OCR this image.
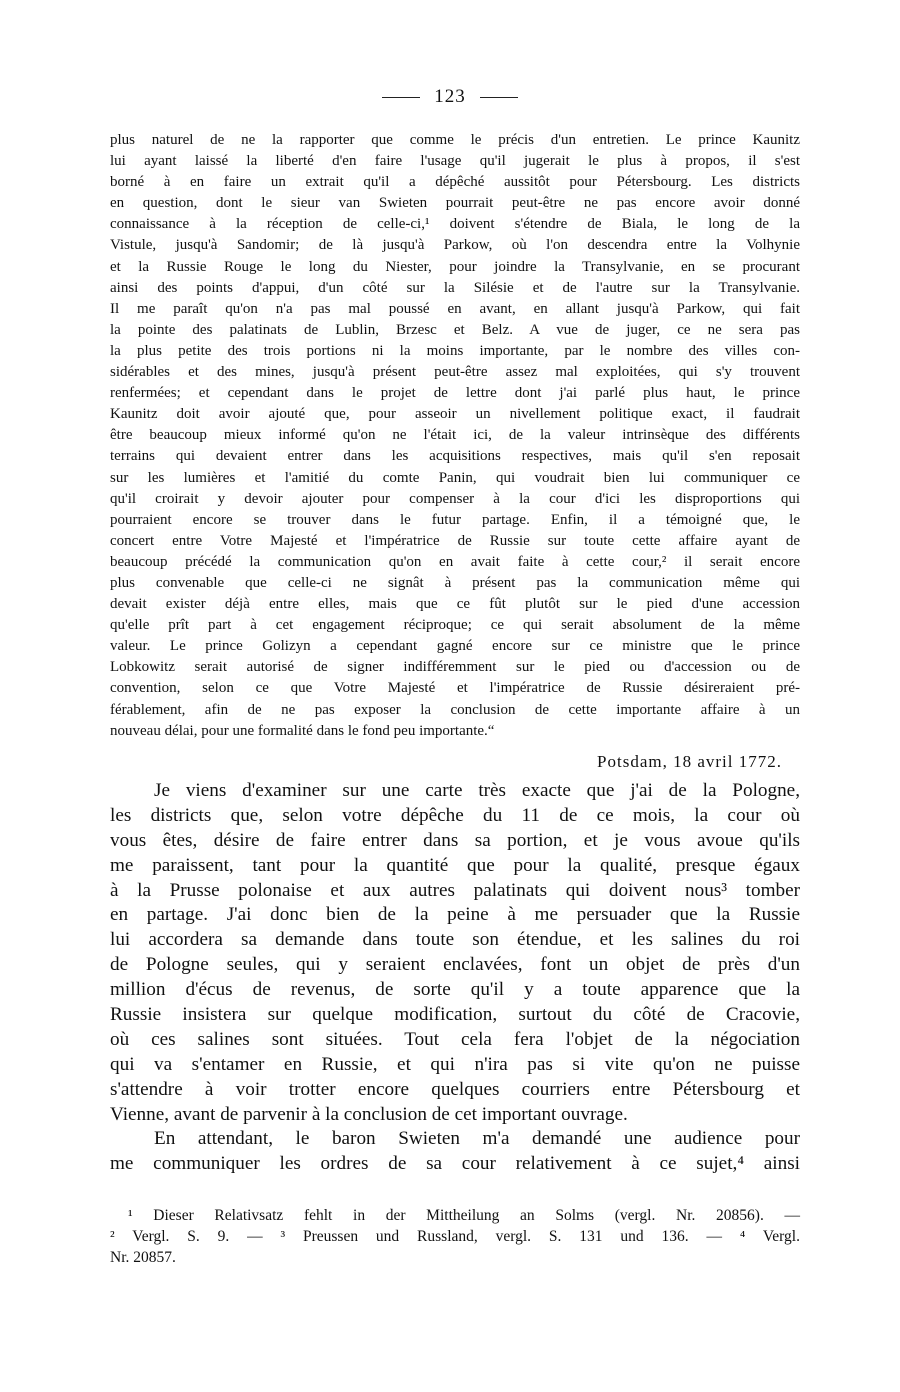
123
plus naturel de ne la rapporter que comme le précis d'un entretien. Le prince Kaunitz
lui ayant laissé la liberté d'en faire l'usage qu'il jugerait le plus à propos, il s'est
borné à en faire un extrait qu'il a dépêché aussitôt pour Pétersbourg. Les districts
en question, dont le sieur van Swieten pourrait peut-être ne pas encore avoir donné
connaissance à la réception de celle-ci,¹ doivent s'étendre de Biala, le long de la
Vistule, jusqu'à Sandomir; de là jusqu'à Parkow, où l'on descendra entre la Volhynie
et la Russie Rouge le long du Niester, pour joindre la Transylvanie, en se procurant
ainsi des points d'appui, d'un côté sur la Silésie et de l'autre sur la Transylvanie.
Il me paraît qu'on n'a pas mal poussé en avant, en allant jusqu'à Parkow, qui fait
la pointe des palatinats de Lublin, Brzesc et Belz. A vue de juger, ce ne sera pas
la plus petite des trois portions ni la moins importante, par le nombre des villes con-
sidérables et des mines, jusqu'à présent peut-être assez mal exploitées, qui s'y trouvent
renfermées; et cependant dans le projet de lettre dont j'ai parlé plus haut, le prince
Kaunitz doit avoir ajouté que, pour asseoir un nivellement politique exact, il faudrait
être beaucoup mieux informé qu'on ne l'était ici, de la valeur intrinsèque des différents
terrains qui devaient entrer dans les acquisitions respectives, mais qu'il s'en reposait
sur les lumières et l'amitié du comte Panin, qui voudrait bien lui communiquer ce
qu'il croirait y devoir ajouter pour compenser à la cour d'ici les disproportions qui
pourraient encore se trouver dans le futur partage. Enfin, il a témoigné que, le
concert entre Votre Majesté et l'impératrice de Russie sur toute cette affaire ayant de
beaucoup précédé la communication qu'on en avait faite à cette cour,² il serait encore
plus convenable que celle-ci ne signât à présent pas la communication même qui
devait exister déjà entre elles, mais que ce fût plutôt sur le pied d'une accession
qu'elle prît part à cet engagement réciproque; ce qui serait absolument de la même
valeur. Le prince Golizyn a cependant gagné encore sur ce ministre que le prince
Lobkowitz serait autorisé de signer indifféremment sur le pied ou d'accession ou de
convention, selon ce que Votre Majesté et l'impératrice de Russie désireraient pré-
férablement, afin de ne pas exposer la conclusion de cette importante affaire à un
nouveau délai, pour une formalité dans le fond peu importante.“
Potsdam, 18 avril 1772.
Je viens d'examiner sur une carte très exacte que j'ai de la Pologne,
les districts que, selon votre dépêche du 11 de ce mois, la cour où
vous êtes, désire de faire entrer dans sa portion, et je vous avoue qu'ils
me paraissent, tant pour la quantité que pour la qualité, presque égaux
à la Prusse polonaise et aux autres palatinats qui doivent nous³ tomber
en partage. J'ai donc bien de la peine à me persuader que la Russie
lui accordera sa demande dans toute son étendue, et les salines du roi
de Pologne seules, qui y seraient enclavées, font un objet de près d'un
million d'écus de revenus, de sorte qu'il y a toute apparence que la
Russie insistera sur quelque modification, surtout du côté de Cracovie,
où ces salines sont situées. Tout cela fera l'objet de la négociation
qui va s'entamer en Russie, et qui n'ira pas si vite qu'on ne puisse
s'attendre à voir trotter encore quelques courriers entre Pétersbourg et
Vienne, avant de parvenir à la conclusion de cet important ouvrage.
En attendant, le baron Swieten m'a demandé une audience pour
me communiquer les ordres de sa cour relativement à ce sujet,⁴ ainsi
¹ Dieser Relativsatz fehlt in der Mittheilung an Solms (vergl. Nr. 20856). —
² Vergl. S. 9. — ³ Preussen und Russland, vergl. S. 131 und 136. — ⁴ Vergl.
Nr. 20857.
